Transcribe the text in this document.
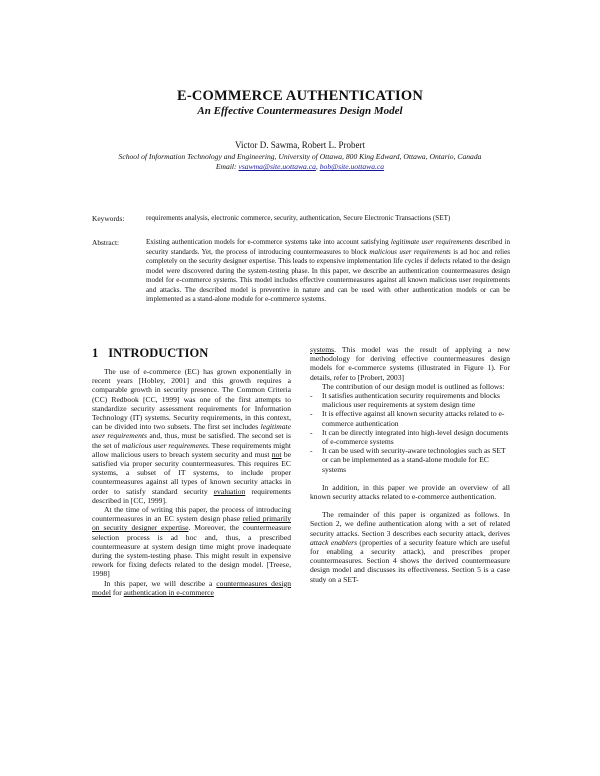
E-COMMERCE AUTHENTICATION
An Effective Countermeasures Design Model
Victor D. Sawma, Robert L. Probert
School of Information Technology and Engineering, University of Ottawa, 800 King Edward, Ottawa, Ontario, Canada
Email: vsawma@site.uottawa.ca, bob@site.uottawa.ca
Keywords:	requirements analysis, electronic commerce, security, authentication, Secure Electronic Transactions (SET)
Abstract:	Existing authentication models for e-commerce systems take into account satisfying legitimate user requirements described in security standards. Yet, the process of introducing countermeasures to block malicious user requirements is ad hoc and relies completely on the security designer expertise. This leads to expensive implementation life cycles if defects related to the design model were discovered during the system-testing phase. In this paper, we describe an authentication countermeasures design model for e-commerce systems. This model includes effective countermeasures against all known malicious user requirements and attacks. The described model is preventive in nature and can be used with other authentication models or can be implemented as a stand-alone module for e-commerce systems.
1 INTRODUCTION

The use of e-commerce (EC) has grown exponentially in recent years [Hobley, 2001] and this growth requires a comparable growth in security presence. The Common Criteria (CC) Redbook [CC, 1999] was one of the first attempts to standardize security assessment requirements for Information Technology (IT) systems. Security requirements, in this context, can be divided into two subsets. The first set includes legitimate user requirements and, thus, must be satisfied. The second set is the set of malicious user requirements. These requirements might allow malicious users to breach system security and must not be satisfied via proper security countermeasures. This requires EC systems, a subset of IT systems, to include proper countermeasures against all types of known security attacks in order to satisfy standard security evaluation requirements described in [CC, 1999].

At the time of writing this paper, the process of introducing countermeasures in an EC system design phase relied primarily on security designer expertise. Moreover, the countermeasure selection process is ad hoc and, thus, a prescribed countermeasure at system design time might prove inadequate during the system-testing phase. This might result in expensive rework for fixing defects related to the design model. [Treese, 1998]

In this paper, we will describe a countermeasures design model for authentication in e-commerce

systems. This model was the result of applying a new methodology for deriving effective countermeasures design models for e-commerce systems (illustrated in Figure 1). For details, refer to [Probert, 2003]

The contribution of our design model is outlined as follows:

-	It satisfies authentication security requirements and blocks malicious user requirements at system design time
-	It is effective against all known security attacks related to e-commerce authentication
-	It can be directly integrated into high-level design documents of e-commerce systems
-	It can be used with security-aware technologies such as SET or can be implemented as a stand-alone module for EC systems

In addition, in this paper we provide an overview of all known security attacks related to e-commerce authentication.

The remainder of this paper is organized as follows. In Section 2, we define authentication along with a set of related security attacks. Section 3 describes each security attack, derives attack enablers (properties of a security feature which are useful for enabling a security attack), and prescribes proper countermeasures. Section 4 shows the derived countermeasure design model and discusses its effectiveness. Section 5 is a case study on a SET-
